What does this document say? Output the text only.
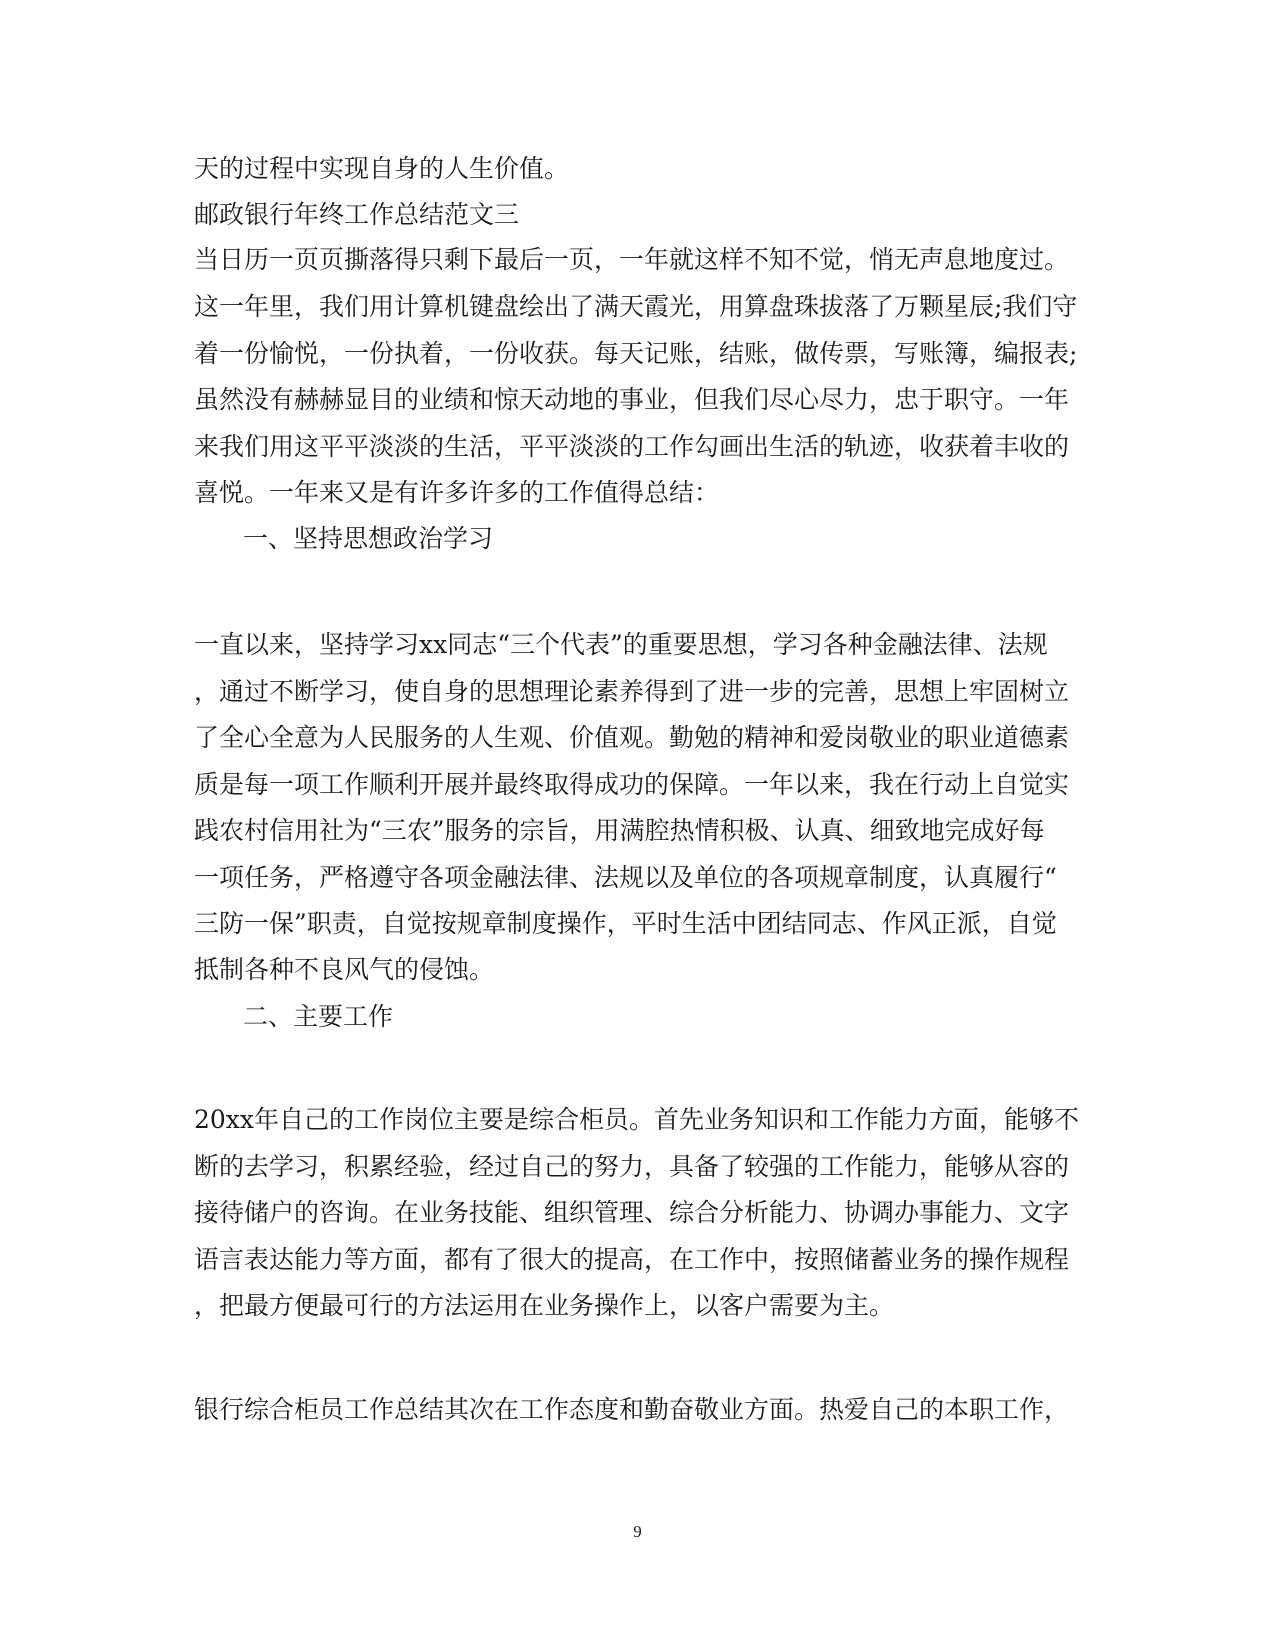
天的过程中实现自身的人生价值。

邮政银行年终工作总结范文三

当日历一页页撕落得只剩下最后一页，一年就这样不知不觉，悄无声息地度过。

这一年里，我们用计算机键盘绘出了满天霞光，用算盘珠拔落了万颗星辰;我们守

着一份愉悦，一份执着，一份收获。每天记账，结账，做传票，写账簿，编报表;

虽然没有赫赫显目的业绩和惊天动地的事业，但我们尽心尽力，忠于职守。一年

来我们用这平平淡淡的生活，平平淡淡的工作勾画出生活的轨迹，收获着丰收的

喜悦。一年来又是有许多许多的工作值得总结：

一、坚持思想政治学习

一直以来，坚持学习xx同志“三个代表”的重要思想，学习各种金融法律、法规

，通过不断学习，使自身的思想理论素养得到了进一步的完善，思想上牢固树立

了全心全意为人民服务的人生观、价值观。勤勉的精神和爱岗敬业的职业道德素

质是每一项工作顺利开展并最终取得成功的保障。一年以来，我在行动上自觉实

践农村信用社为“三农”服务的宗旨，用满腔热情积极、认真、细致地完成好每

一项任务，严格遵守各项金融法律、法规以及单位的各项规章制度，认真履行“

三防一保”职责，自觉按规章制度操作，平时生活中团结同志、作风正派，自觉

抵制各种不良风气的侵蚀。

二、主要工作

20xx年自己的工作岗位主要是综合柜员。首先业务知识和工作能力方面，能够不

断的去学习，积累经验，经过自己的努力，具备了较强的工作能力，能够从容的

接待储户的咨询。在业务技能、组织管理、综合分析能力、协调办事能力、文字

语言表达能力等方面，都有了很大的提高，在工作中，按照储蓄业务的操作规程

，把最方便最可行的方法运用在业务操作上，以客户需要为主。

银行综合柜员工作总结其次在工作态度和勤奋敬业方面。热爱自己的本职工作，

9
